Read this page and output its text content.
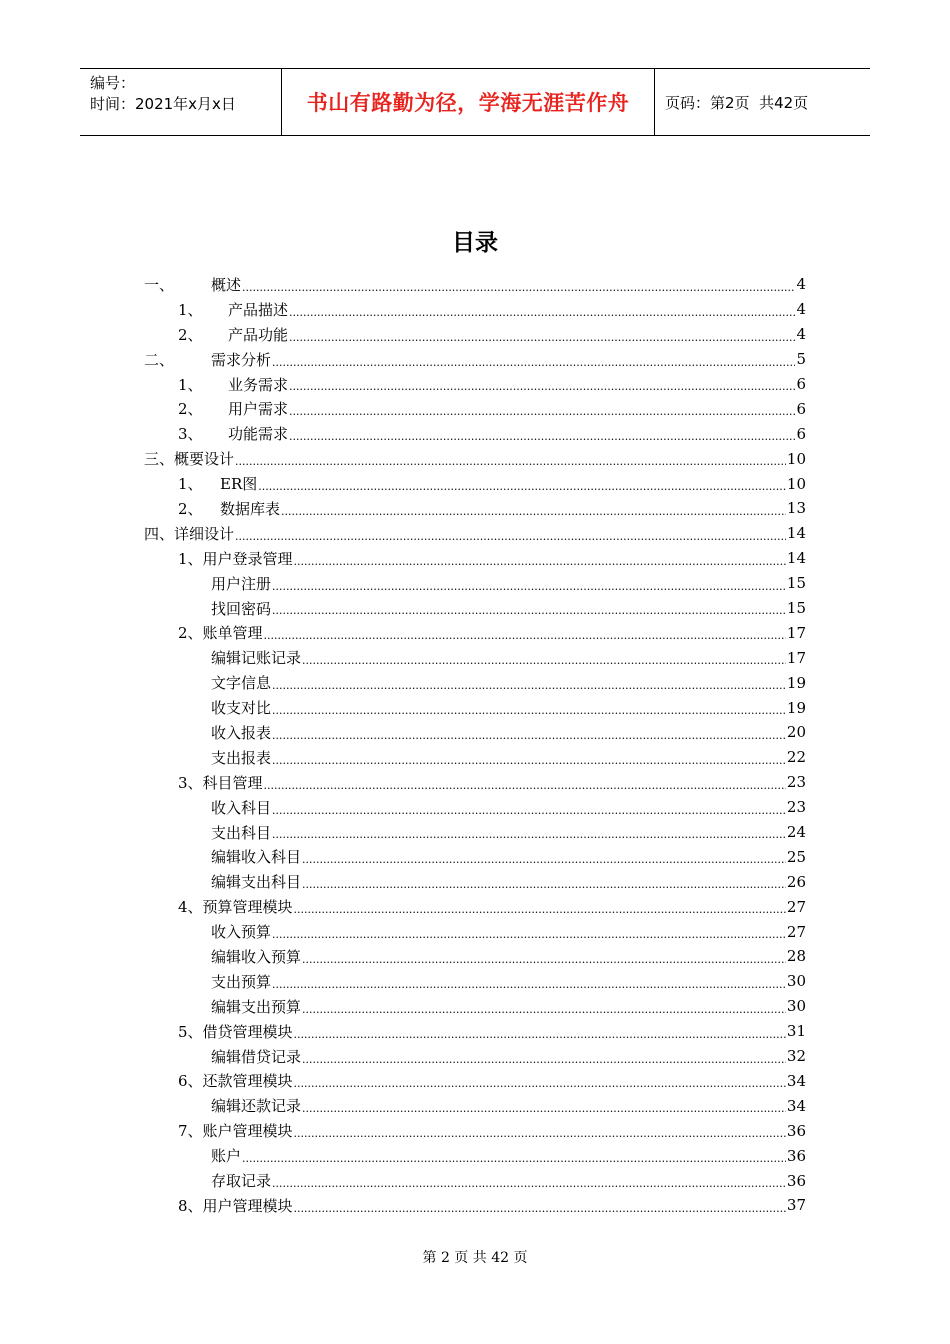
编号：
时间：2021年x月x日	书山有路勤为径，学海无涯苦作舟 页码：第2页  共42页
目录
一、	概述 .....	4
1、	产品描述 .....	4
2、	产品功能 .....	4
二、	需求分析 .....	5
1、	业务需求 .....	6
2、	用户需求 .....	6
3、	功能需求 .....	6
三、概要设计 .....	10
1、	ER图 .....	10
2、	数据库表 .....	13
四、详细设计 .....	14
1、用户登录管理 .....	14
用户注册 .....	15
找回密码 .....	15
2、账单管理 .....	17
编辑记账记录 .....	17
文字信息 .....	19
收支对比 .....	19
收入报表 .....	20
支出报表 .....	22
3、科目管理 .....	23
收入科目 .....	23
支出科目 .....	24
编辑收入科目 .....	25
编辑支出科目 .....	26
4、预算管理模块 .....	27
收入预算 .....	27
编辑收入预算 .....	28
支出预算 .....	30
编辑支出预算 .....	30
5、借贷管理模块 .....	31
编辑借贷记录 .....	32
6、还款管理模块 .....	34
编辑还款记录 .....	34
7、账户管理模块 .....	36
账户 .....	36
存取记录 .....	36
8、用户管理模块 .....	37
第 2 页 共 42 页
